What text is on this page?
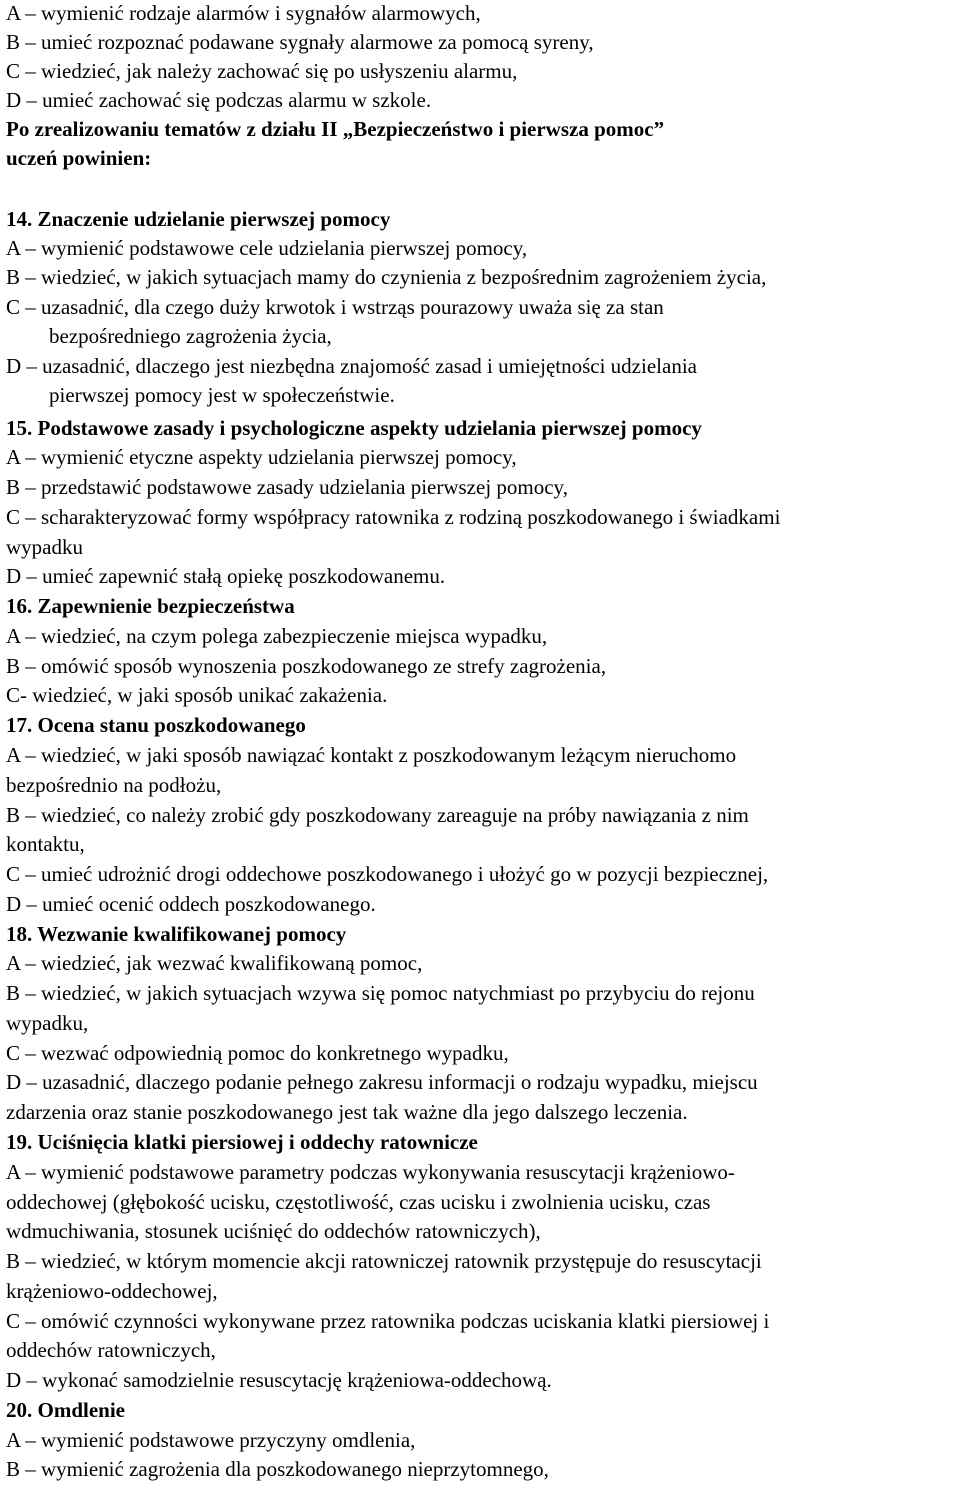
A – wymienić rodzaje alarmów i sygnałów alarmowych,
B – umieć rozpoznać podawane sygnały alarmowe za pomocą syreny,
C – wiedzieć, jak należy zachować się po usłyszeniu alarmu,
D – umieć zachować się podczas alarmu w szkole.
Po zrealizowaniu tematów z działu II „Bezpieczeństwo i pierwsza pomoc”
uczeń powinien:
14. Znaczenie udzielanie pierwszej pomocy
A – wymienić podstawowe cele udzielania pierwszej pomocy,
B – wiedzieć, w jakich sytuacjach mamy do czynienia z bezpośrednim zagrożeniem życia,
C – uzasadnić, dla czego duży krwotok i wstrząs pourazowy uważa się za stan
bezpośredniego zagrożenia życia,
D – uzasadnić, dlaczego jest niezbędna znajomość zasad i umiejętności udzielania
pierwszej pomocy jest w społeczeństwie.
15. Podstawowe zasady i psychologiczne aspekty udzielania pierwszej pomocy
A – wymienić etyczne aspekty udzielania pierwszej pomocy,
B – przedstawić podstawowe zasady udzielania pierwszej pomocy,
C – scharakteryzować formy współpracy ratownika z rodziną poszkodowanego i świadkami
wypadku
D – umieć zapewnić stałą opiekę poszkodowanemu.
16. Zapewnienie bezpieczeństwa
A – wiedzieć, na czym polega zabezpieczenie miejsca wypadku,
B – omówić sposób wynoszenia poszkodowanego ze strefy zagrożenia,
C- wiedzieć, w jaki sposób unikać zakażenia.
17. Ocena stanu poszkodowanego
A – wiedzieć, w jaki sposób nawiązać kontakt z poszkodowanym leżącym nieruchomo
bezpośrednio na podłożu,
B – wiedzieć, co należy zrobić gdy poszkodowany zareaguje na próby nawiązania z nim
kontaktu,
C – umieć udrożnić drogi oddechowe poszkodowanego i ułożyć go w pozycji bezpiecznej,
D – umieć ocenić oddech poszkodowanego.
18. Wezwanie kwalifikowanej pomocy
A – wiedzieć, jak wezwać kwalifikowaną pomoc,
B – wiedzieć, w jakich sytuacjach wzywa się pomoc natychmiast po przybyciu do rejonu
wypadku,
C – wezwać odpowiednią pomoc do konkretnego wypadku,
D – uzasadnić, dlaczego podanie pełnego zakresu informacji o rodzaju wypadku, miejscu
zdarzenia oraz stanie poszkodowanego jest tak ważne dla jego dalszego leczenia.
19. Uciśnięcia klatki piersiowej i oddechy ratownicze
A – wymienić podstawowe parametry podczas wykonywania resuscytacji krążeniowo-
oddechowej (głębokość ucisku, częstotliwość, czas ucisku i zwolnienia ucisku, czas
wdmuchiwania, stosunek uciśnięć do oddechów ratowniczych),
B – wiedzieć, w którym momencie akcji ratowniczej ratownik przystępuje do resuscytacji
krążeniowo-oddechowej,
C – omówić czynności wykonywane przez ratownika podczas uciskania klatki piersiowej i
oddechów ratowniczych,
D – wykonać samodzielnie resuscytację krążeniowa-oddechową.
20. Omdlenie
A – wymienić podstawowe przyczyny omdlenia,
B – wymienić zagrożenia dla poszkodowanego nieprzytomnego,
